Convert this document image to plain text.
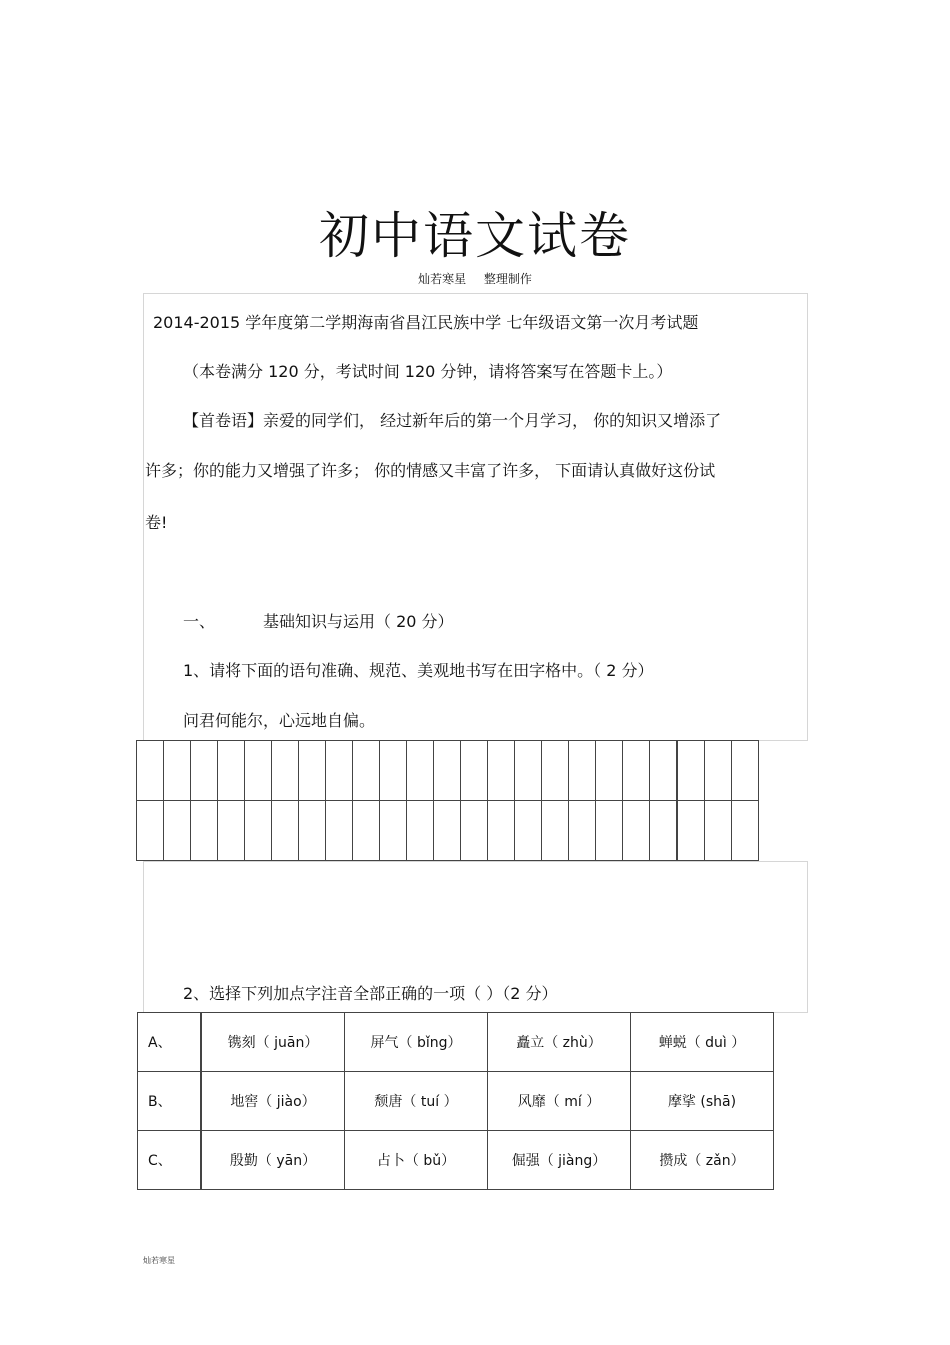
初中语文试卷
灿若寒星 整理制作
2014-2015 学年度第二学期海南省昌江民族中学 七年级语文第一次月考试题
（本卷满分 120 分，考试时间 120 分钟，请将答案写在答题卡上。）
【首卷语】亲爱的同学们， 经过新年后的第一个月学习， 你的知识又增添了
许多；你的能力又增强了许多； 你的情感又丰富了许多， 下面请认真做好这份试
卷!
一、	基础知识与运用（ 20 分）
1、请将下面的语句准确、规范、美观地书写在田字格中。（ 2 分）
问君何能尔，心远地自偏。
2、选择下列加点字注音全部正确的一项（ ）（2 分）
A、	镌刻（ juān）	屏气（ bǐng）	矗立（ zhù）	蝉蜕（ duì ）
B、	地窖（ jiào）	颓唐（ tuí ）	风靡（ mí ）	摩挲 (shā)
C、	殷勤（ yān）	占卜（ bǔ）	倔强（ jiàng）	攒成（ zǎn）
灿若寒星
